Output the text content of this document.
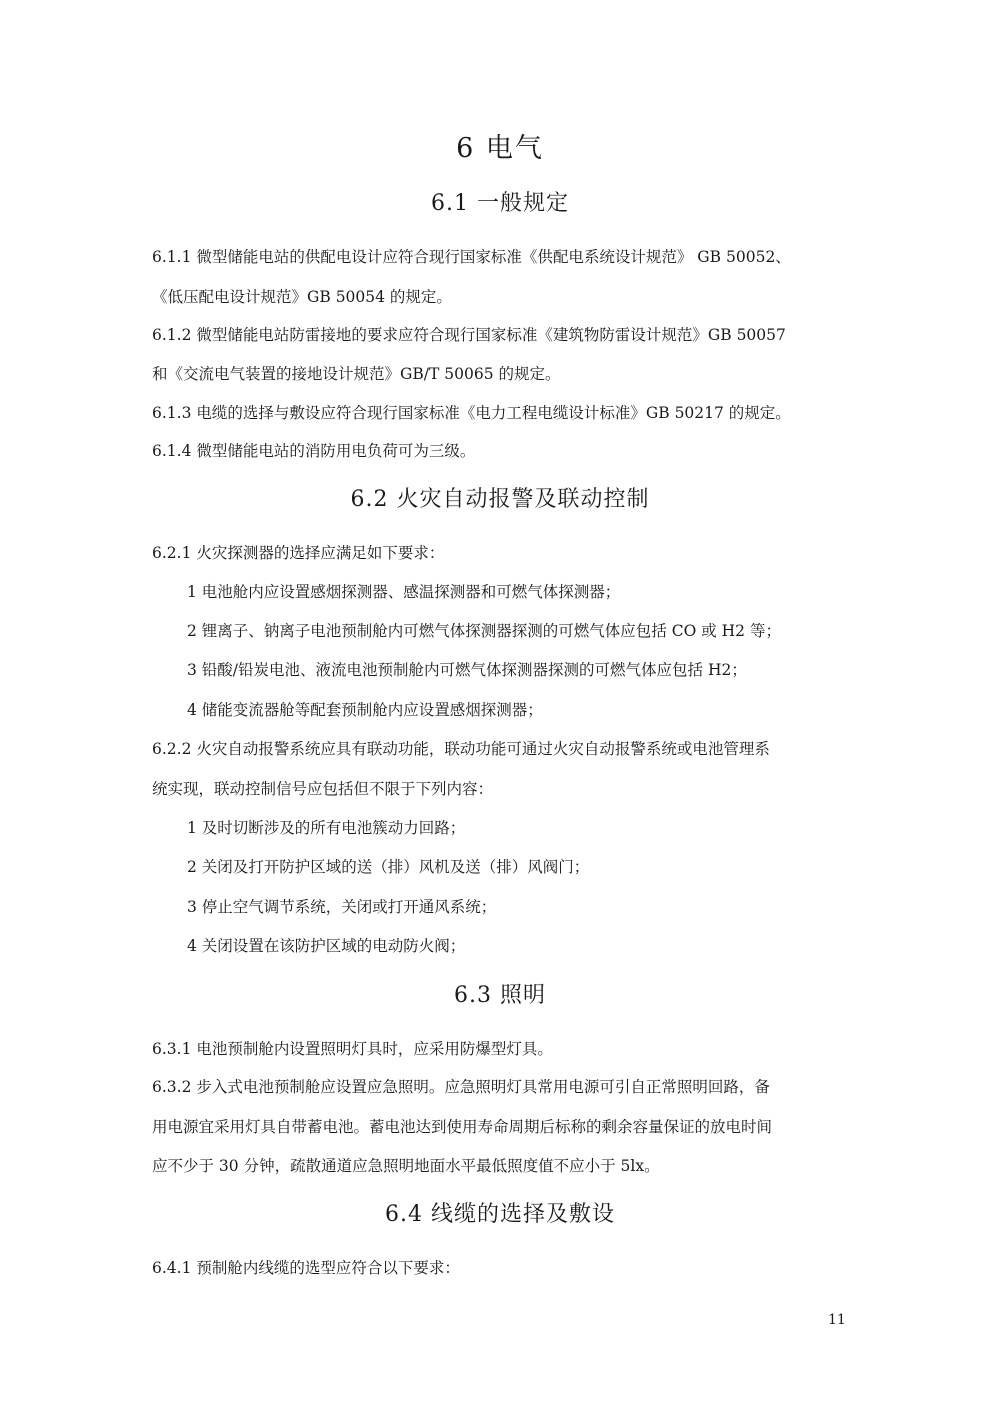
6 电气
6.1 一般规定

6.1.1 微型储能电站的供配电设计应符合现行国家标准《供配电系统设计规范》 GB 50052、

《低压配电设计规范》GB 50054 的规定。

6.1.2 微型储能电站防雷接地的要求应符合现行国家标准《建筑物防雷设计规范》GB 50057

和《交流电气装置的接地设计规范》GB/T 50065 的规定。

6.1.3 电缆的选择与敷设应符合现行国家标准《电力工程电缆设计标准》GB 50217 的规定。

6.1.4 微型储能电站的消防用电负荷可为三级。

6.2 火灾自动报警及联动控制

6.2.1 火灾探测器的选择应满足如下要求：

1 电池舱内应设置感烟探测器、感温探测器和可燃气体探测器；

2 锂离子、钠离子电池预制舱内可燃气体探测器探测的可燃气体应包括 CO 或 H2 等；

3 铅酸/铅炭电池、液流电池预制舱内可燃气体探测器探测的可燃气体应包括 H2；

4 储能变流器舱等配套预制舱内应设置感烟探测器；

6.2.2 火灾自动报警系统应具有联动功能，联动功能可通过火灾自动报警系统或电池管理系

统实现，联动控制信号应包括但不限于下列内容：

1 及时切断涉及的所有电池簇动力回路；

2 关闭及打开防护区域的送（排）风机及送（排）风阀门；

3 停止空气调节系统，关闭或打开通风系统；

4 关闭设置在该防护区域的电动防火阀；

6.3 照明

6.3.1 电池预制舱内设置照明灯具时，应采用防爆型灯具。

6.3.2 步入式电池预制舱应设置应急照明。应急照明灯具常用电源可引自正常照明回路，备

用电源宜采用灯具自带蓄电池。蓄电池达到使用寿命周期后标称的剩余容量保证的放电时间

应不少于 30 分钟，疏散通道应急照明地面水平最低照度值不应小于 5lx。

6.4 线缆的选择及敷设

6.4.1 预制舱内线缆的选型应符合以下要求：

11
